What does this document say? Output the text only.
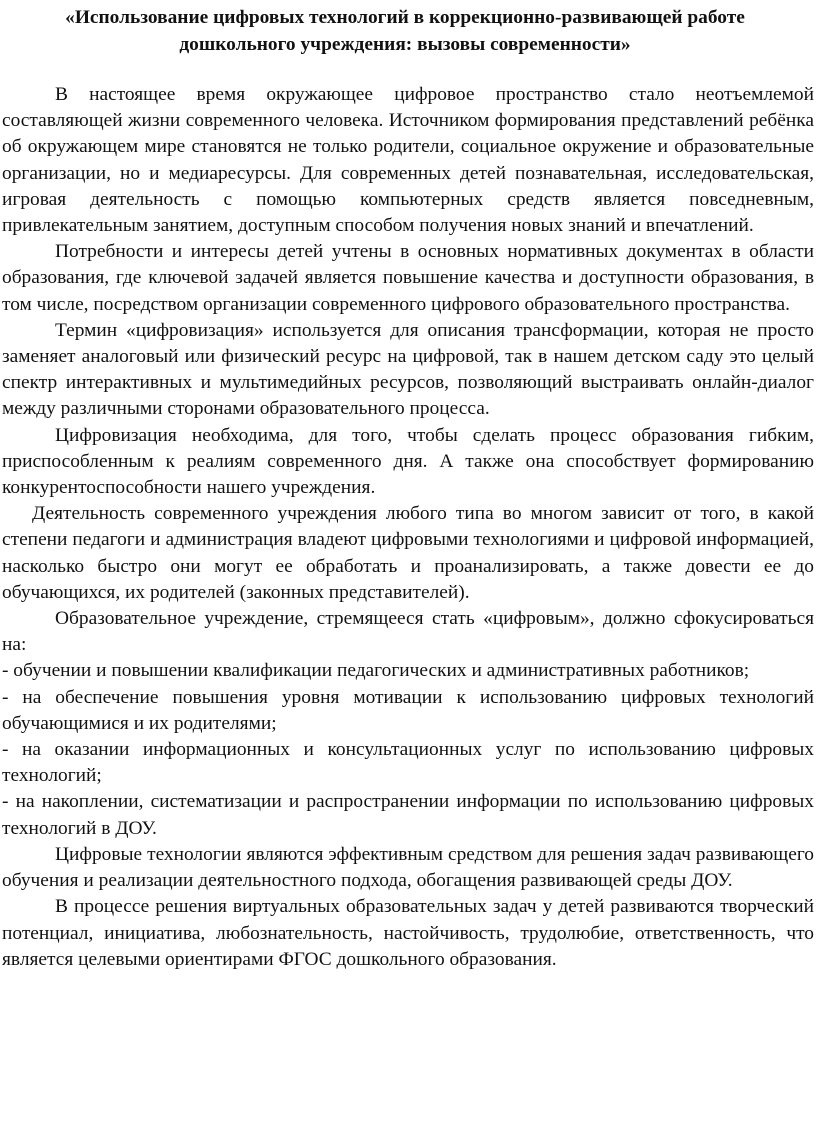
«Использование цифровых технологий в коррекционно-развивающей работе дошкольного учреждения: вызовы современности»

В настоящее время окружающее цифровое пространство стало неотъемлемой составляющей жизни современного человека. Источником формирования представлений ребёнка об окружающем мире становятся не только родители, социальное окружение и образовательные организации, но и медиаресурсы. Для современных детей познавательная, исследовательская, игровая деятельность с помощью компьютерных средств является повседневным, привлекательным занятием, доступным способом получения новых знаний и впечатлений.

Потребности и интересы детей учтены в основных нормативных документах в области образования, где ключевой задачей является повышение качества и доступности образования, в том числе, посредством организации современного цифрового образовательного пространства.

Термин «цифровизация» используется для описания трансформации, которая не просто заменяет аналоговый или физический ресурс на цифровой, так в нашем детском саду это целый спектр интерактивных и мультимедийных ресурсов, позволяющий выстраивать онлайн-диалог между различными сторонами образовательного процесса.

Цифровизация необходима, для того, чтобы сделать процесс образования гибким, приспособленным к реалиям современного дня. А также она способствует формированию конкурентоспособности нашего учреждения.

Деятельность современного учреждения любого типа во многом зависит от того, в какой степени педагоги и администрация владеют цифровыми технологиями и цифровой информацией, насколько быстро они могут ее обработать и проанализировать, а также довести ее до обучающихся, их родителей (законных представителей).

Образовательное учреждение, стремящееся стать «цифровым», должно сфокусироваться на:

- обучении и повышении квалификации педагогических и административных работников;

- на обеспечение повышения уровня мотивации к использованию цифровых технологий обучающимися и их родителями;

- на оказании информационных и консультационных услуг по использованию цифровых технологий;

- на накоплении, систематизации и распространении информации по использованию цифровых технологий в ДОУ.

Цифровые технологии являются эффективным средством для решения задач развивающего обучения и реализации деятельностного подхода, обогащения развивающей среды ДОУ.

В процессе решения виртуальных образовательных задач у детей развиваются творческий потенциал, инициатива, любознательность, настойчивость, трудолюбие, ответственность, что является целевыми ориентирами ФГОС дошкольного образования.
